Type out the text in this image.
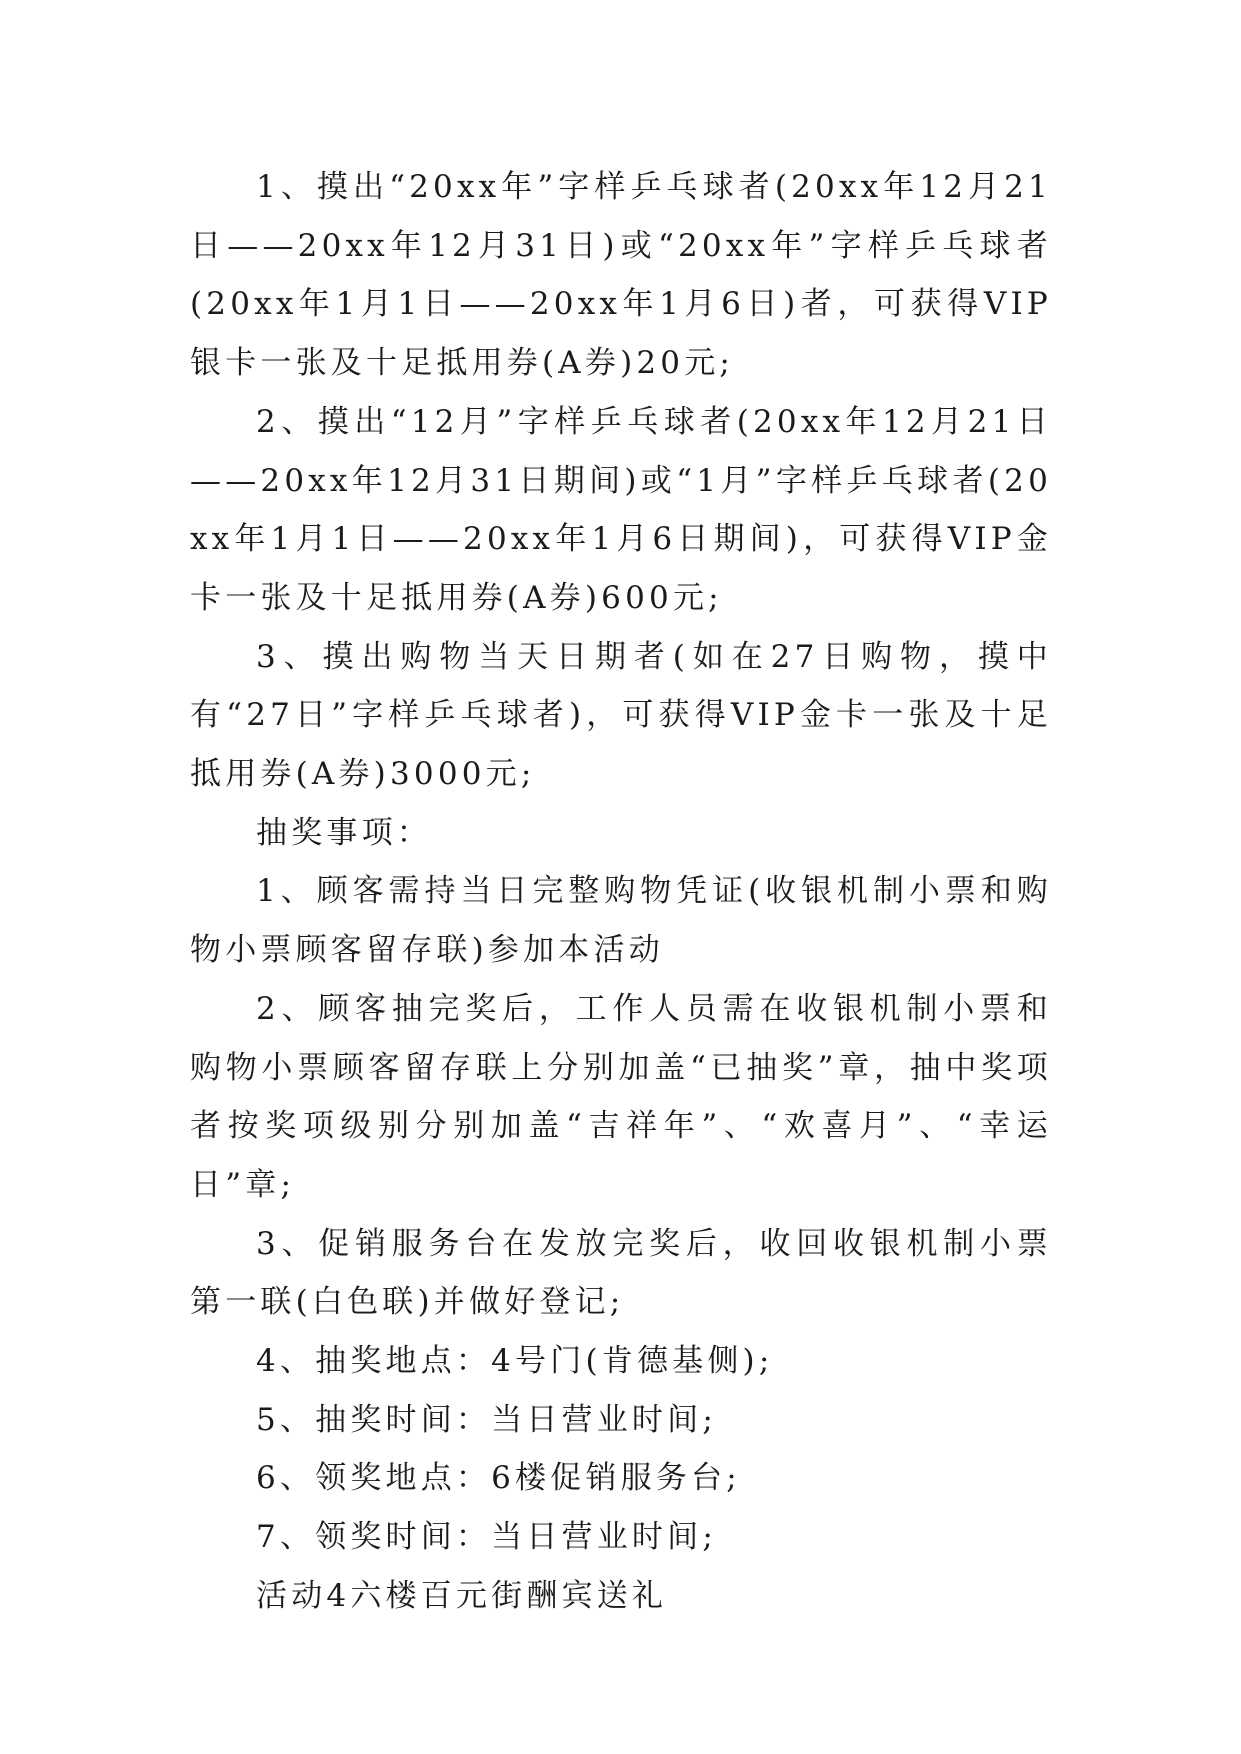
1、摸出“20xx年”字样乒乓球者(20xx年12月21日——20xx年12月31日)或“20xx年”字样乒乓球者(20xx年1月1日——20xx年1月6日)者，可获得VIP银卡一张及十足抵用券(A券)20元;

2、摸出“12月”字样乒乓球者(20xx年12月21日——20xx年12月31日期间)或“1月”字样乒乓球者(20xx年1月1日——20xx年1月6日期间)，可获得VIP金卡一张及十足抵用券(A券)600元;

3、摸出购物当天日期者(如在27日购物，摸中有“27日”字样乒乓球者)，可获得VIP金卡一张及十足抵用券(A券)3000元;

抽奖事项：

1、顾客需持当日完整购物凭证(收银机制小票和购物小票顾客留存联)参加本活动

2、顾客抽完奖后，工作人员需在收银机制小票和购物小票顾客留存联上分别加盖“已抽奖”章，抽中奖项者按奖项级别分别加盖“吉祥年”、“欢喜月”、“幸运日”章;

3、促销服务台在发放完奖后，收回收银机制小票第一联(白色联)并做好登记;

4、抽奖地点：4号门(肯德基侧);

5、抽奖时间：当日营业时间;

6、领奖地点：6楼促销服务台;

7、领奖时间：当日营业时间;

活动4六楼百元街酬宾送礼
